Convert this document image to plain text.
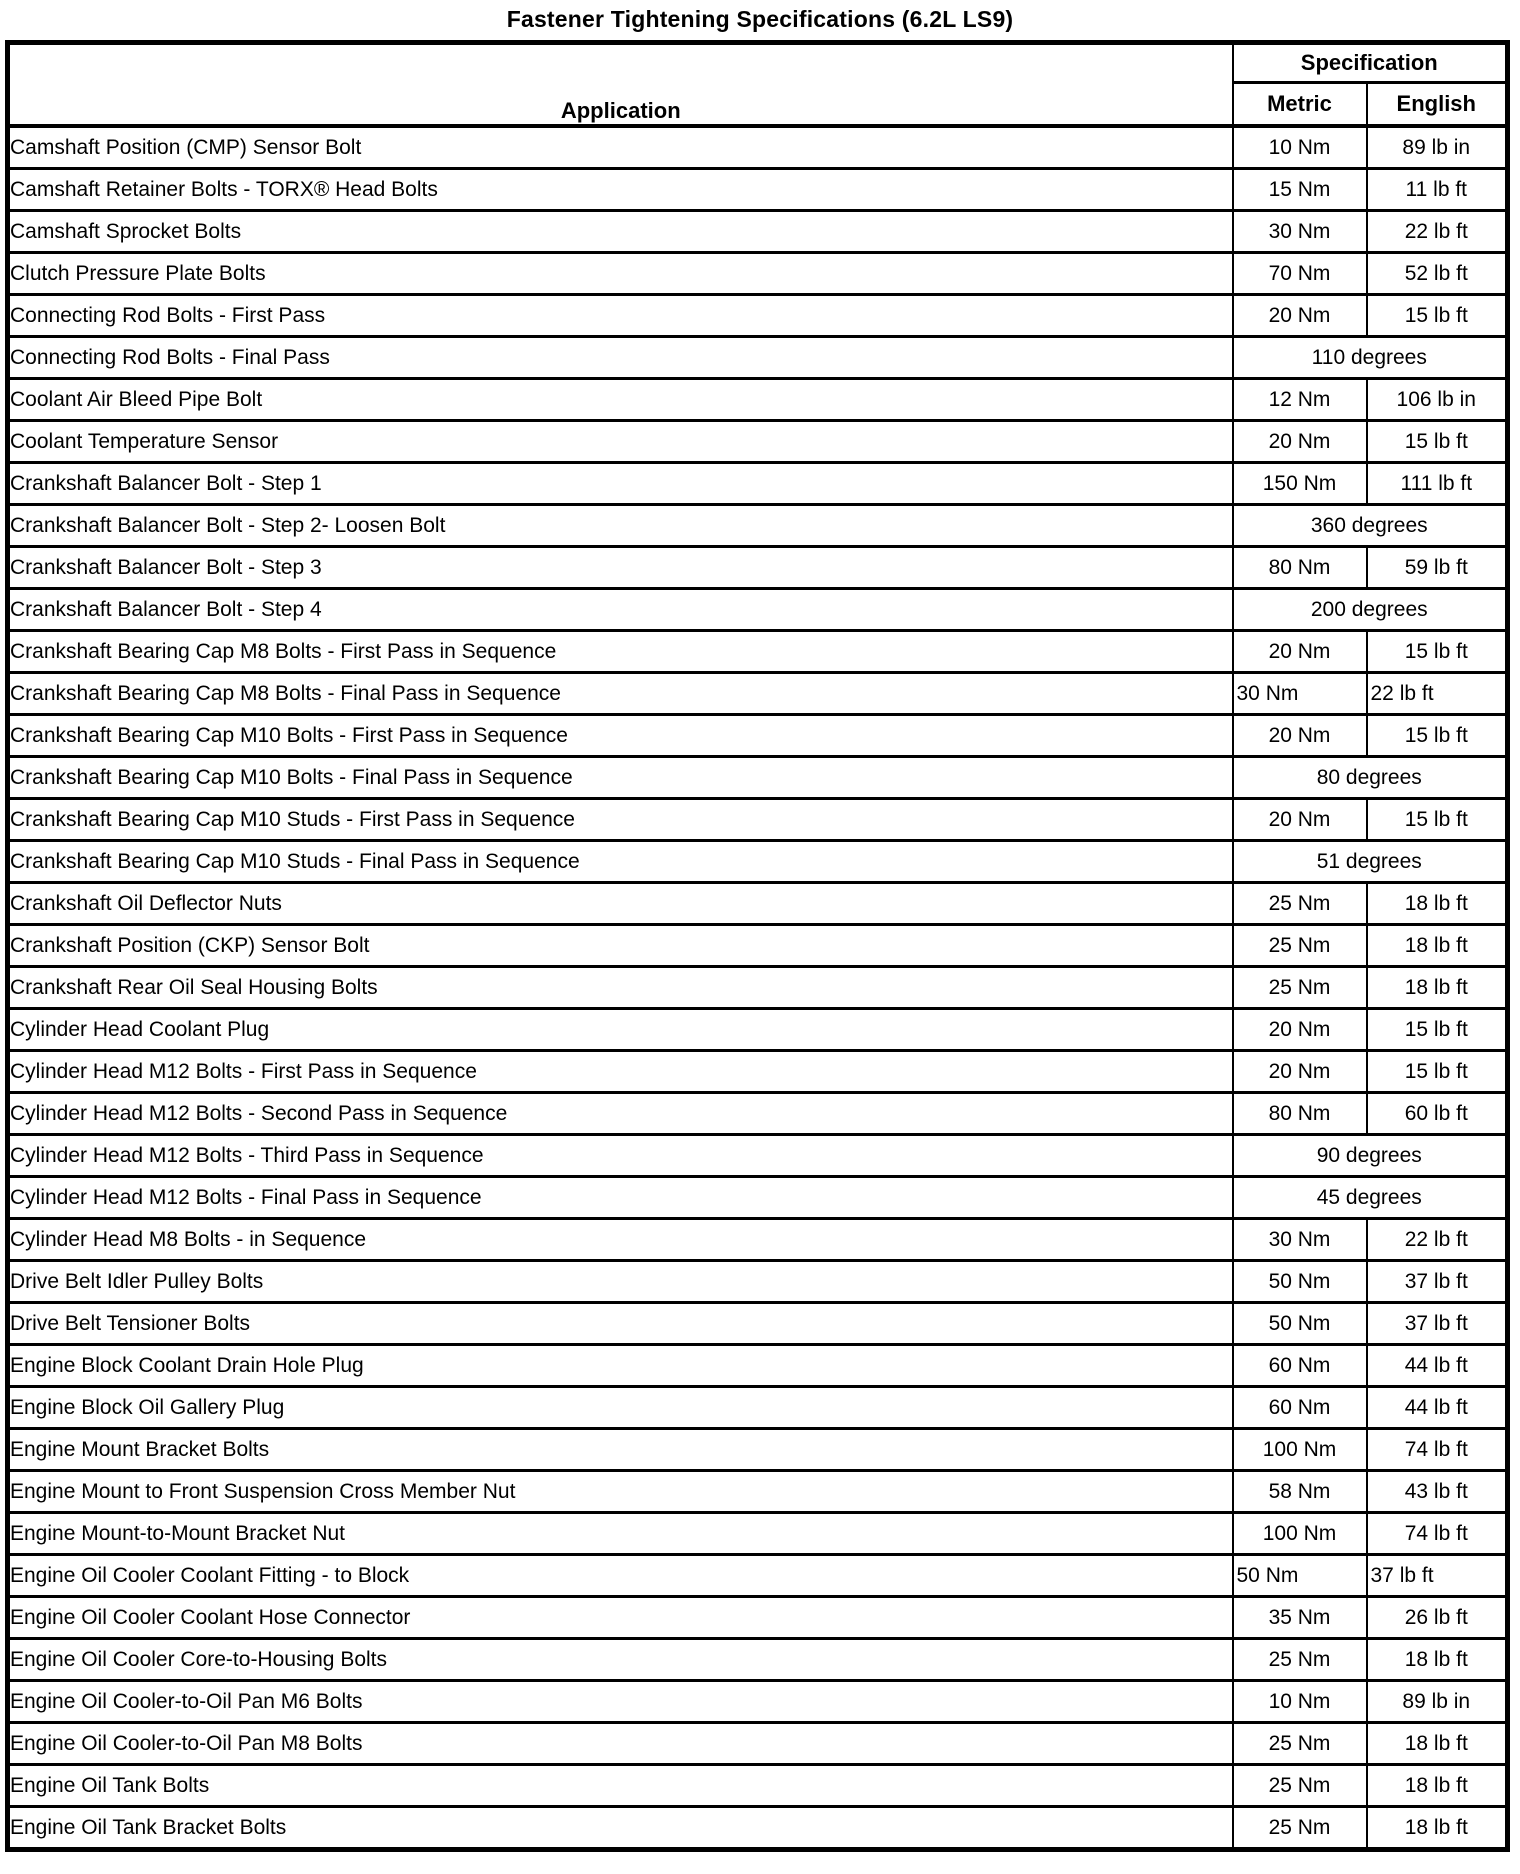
Fastener Tightening Specifications (6.2L LS9)
Application	Specification	
	Metric	English
Camshaft Position (CMP) Sensor Bolt	10 Nm	89 lb in
Camshaft Retainer Bolts - TORX® Head Bolts	15 Nm	11 lb ft
Camshaft Sprocket Bolts	30 Nm	22 lb ft
Clutch Pressure Plate Bolts	70 Nm	52 lb ft
Connecting Rod Bolts - First Pass	20 Nm	15 lb ft
Connecting Rod Bolts - Final Pass	110 degrees	
Coolant Air Bleed Pipe Bolt	12 Nm	106 lb in
Coolant Temperature Sensor	20 Nm	15 lb ft
Crankshaft Balancer Bolt - Step 1	150 Nm	111 lb ft
Crankshaft Balancer Bolt - Step 2- Loosen Bolt	360 degrees	
Crankshaft Balancer Bolt - Step 3	80 Nm	59 lb ft
Crankshaft Balancer Bolt - Step 4	200 degrees	
Crankshaft Bearing Cap M8 Bolts - First Pass in Sequence	20 Nm	15 lb ft
Crankshaft Bearing Cap M8 Bolts - Final Pass in Sequence	30 Nm	22 lb ft
Crankshaft Bearing Cap M10 Bolts - First Pass in Sequence	20 Nm	15 lb ft
Crankshaft Bearing Cap M10 Bolts - Final Pass in Sequence	80 degrees	
Crankshaft Bearing Cap M10 Studs - First Pass in Sequence	20 Nm	15 lb ft
Crankshaft Bearing Cap M10 Studs - Final Pass in Sequence	51 degrees	
Crankshaft Oil Deflector Nuts	25 Nm	18 lb ft
Crankshaft Position (CKP) Sensor Bolt	25 Nm	18 lb ft
Crankshaft Rear Oil Seal Housing Bolts	25 Nm	18 lb ft
Cylinder Head Coolant Plug	20 Nm	15 lb ft
Cylinder Head M12 Bolts - First Pass in Sequence	20 Nm	15 lb ft
Cylinder Head M12 Bolts - Second Pass in Sequence	80 Nm	60 lb ft
Cylinder Head M12 Bolts - Third Pass in Sequence	90 degrees	
Cylinder Head M12 Bolts - Final Pass in Sequence	45 degrees	
Cylinder Head M8 Bolts - in Sequence	30 Nm	22 lb ft
Drive Belt Idler Pulley Bolts	50 Nm	37 lb ft
Drive Belt Tensioner Bolts	50 Nm	37 lb ft
Engine Block Coolant Drain Hole Plug	60 Nm	44 lb ft
Engine Block Oil Gallery Plug	60 Nm	44 lb ft
Engine Mount Bracket Bolts	100 Nm	74 lb ft
Engine Mount to Front Suspension Cross Member Nut	58 Nm	43 lb ft
Engine Mount-to-Mount Bracket Nut	100 Nm	74 lb ft
Engine Oil Cooler Coolant Fitting - to Block	50 Nm	37 lb ft
Engine Oil Cooler Coolant Hose Connector	35 Nm	26 lb ft
Engine Oil Cooler Core-to-Housing Bolts	25 Nm	18 lb ft
Engine Oil Cooler-to-Oil Pan M6 Bolts	10 Nm	89 lb in
Engine Oil Cooler-to-Oil Pan M8 Bolts	25 Nm	18 lb ft
Engine Oil Tank Bolts	25 Nm	18 lb ft
Engine Oil Tank Bracket Bolts	25 Nm	18 lb ft
